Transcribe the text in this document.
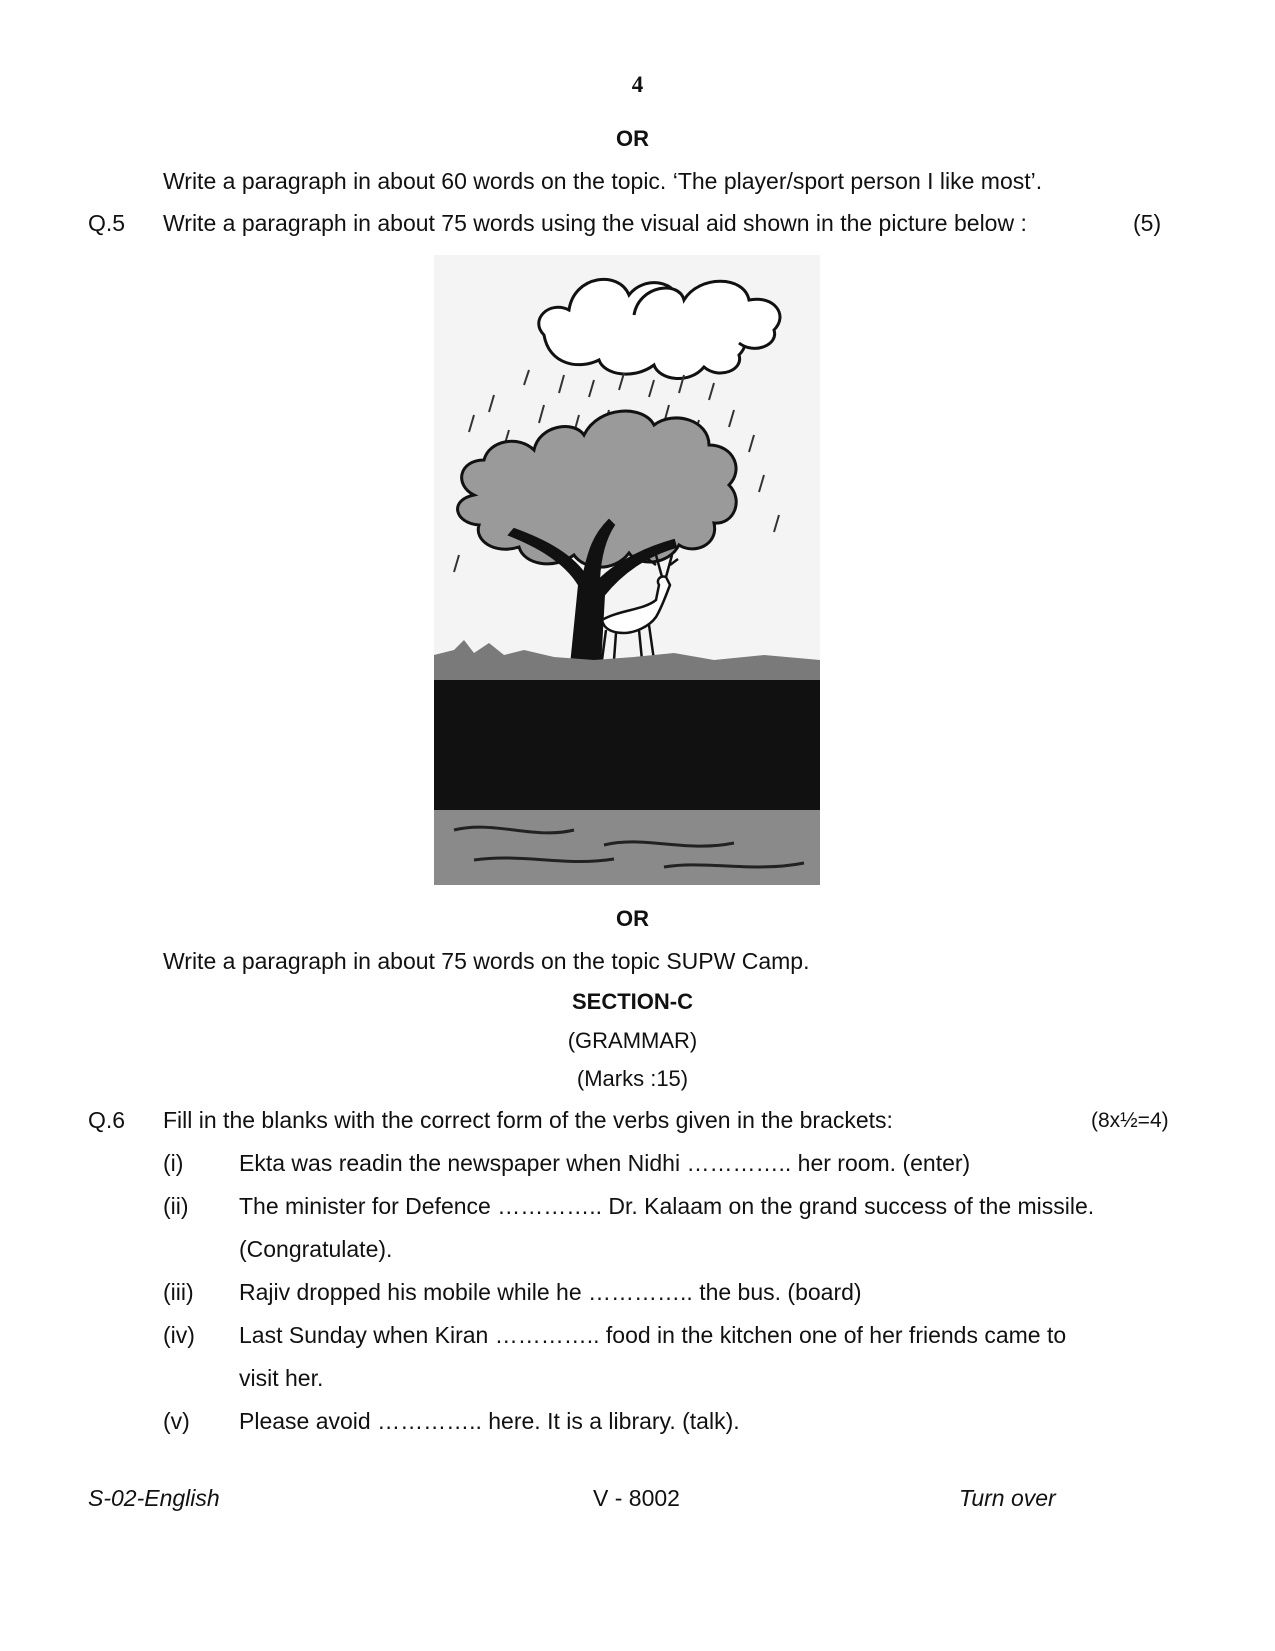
4
OR
Write a paragraph in about 60 words on the topic. ‘The player/sport person I like most’.
Q.5 Write a paragraph in about 75 words using the visual aid shown in the picture below :	(5)
OR
Write a paragraph in about 75 words on the topic SUPW Camp.
SECTION-C
(GRAMMAR)
(Marks :15)
Q.6 Fill in the blanks with the correct form of the verbs given in the brackets:	(8x½=4)
(i) Ekta was readin the newspaper when Nidhi ………….. her room. (enter)
(ii) The minister for Defence ………….. Dr. Kalaam on the grand success of the missile.
(Congratulate).
(iii) Rajiv dropped his mobile while he ………….. the bus. (board)
(iv) Last Sunday when Kiran ………….. food in the kitchen one of her friends came to
visit her.
(v) Please avoid ………….. here. It is a library. (talk).
S-02-English	V - 8002	Turn over
